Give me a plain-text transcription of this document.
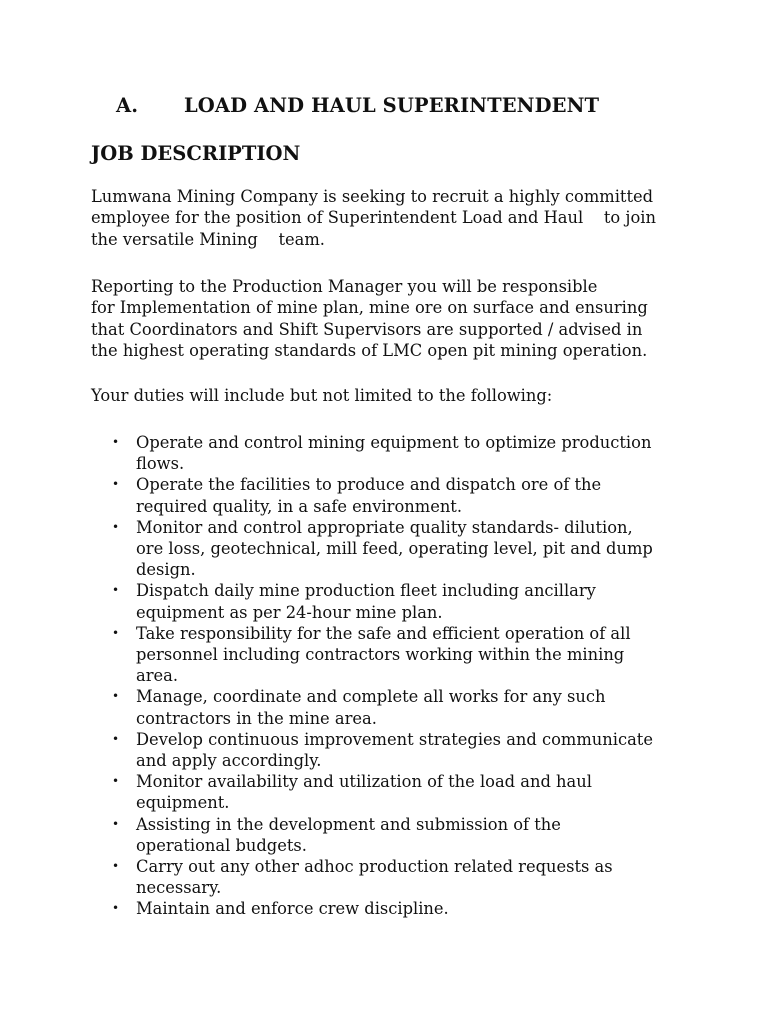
A. LOAD AND HAUL SUPERINTENDENT
JOB DESCRIPTION
Lumwana Mining Company is seeking to recruit a highly committed
employee for the position of Superintendent Load and Haul    to join
the versatile Mining    team.
Reporting to the Production Manager you will be responsible
for Implementation of mine plan, mine ore on surface and ensuring
that Coordinators and Shift Supervisors are supported / advised in
the highest operating standards of LMC open pit mining operation.
Your duties will include but not limited to the following:
• Operate and control mining equipment to optimize production
flows.
• Operate the facilities to produce and dispatch ore of the
required quality, in a safe environment.
• Monitor and control appropriate quality standards- dilution,
ore loss, geotechnical, mill feed, operating level, pit and dump
design.
• Dispatch daily mine production fleet including ancillary
equipment as per 24-hour mine plan.
• Take responsibility for the safe and efficient operation of all
personnel including contractors working within the mining
area.
• Manage, coordinate and complete all works for any such
contractors in the mine area.
• Develop continuous improvement strategies and communicate
and apply accordingly.
• Monitor availability and utilization of the load and haul
equipment.
• Assisting in the development and submission of the
operational budgets.
• Carry out any other adhoc production related requests as
necessary.
• Maintain and enforce crew discipline.
